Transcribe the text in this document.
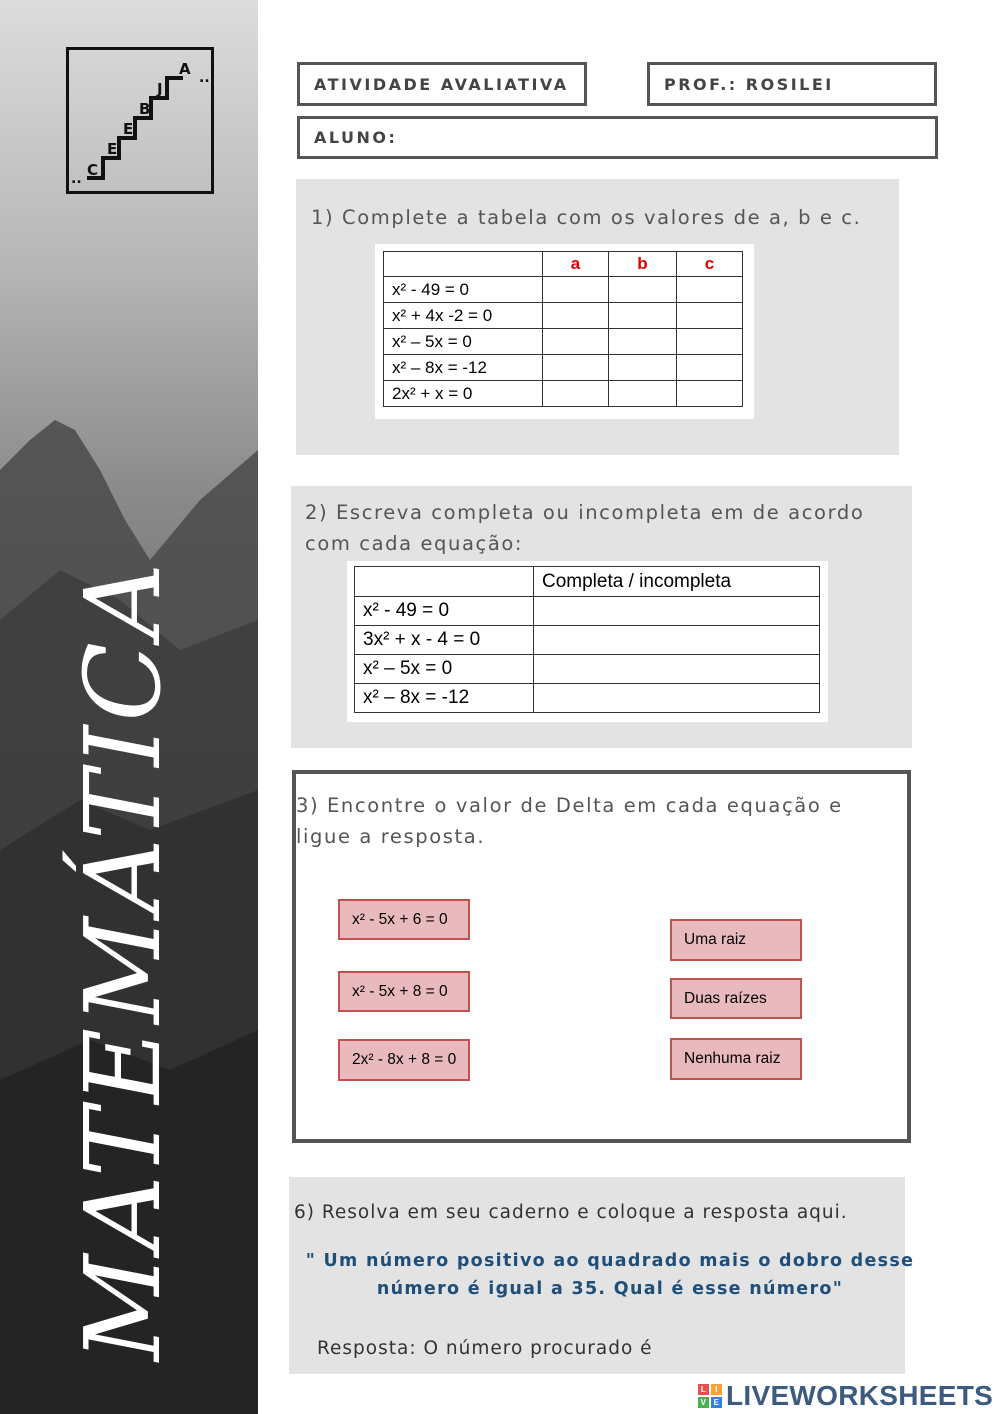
..
..
C
E
E
B
J
A
MATEMÁTICA
ATIVIDADE AVALIATIVA	PROF.: ROSILEI
ALUNO:
1) Complete a tabela com os valores de a, b e c.
	a	b	c
x² - 49 = 0			
x² + 4x -2 = 0			
x² – 5x = 0			
x² – 8x = -12			
2x² + x = 0			
2) Escreva completa ou incompleta em de acordo com cada equação:
	Completa / incompleta
x² - 49 = 0	
3x² + x - 4 = 0	
x² – 5x = 0	
x² – 8x = -12	
3) Encontre o valor de Delta em cada equação e ligue a resposta.
x² - 5x + 6 = 0
x² - 5x + 8 = 0
2x² - 8x + 8 = 0
Uma raiz
Duas raízes
Nenhuma raiz
6) Resolva em seu caderno e coloque a resposta aqui.
" Um número positivo ao quadrado mais o dobro desse
número é igual a 35. Qual é esse número"
Resposta: O número procurado é
L	I
V E LIVEWORKSHEETS
